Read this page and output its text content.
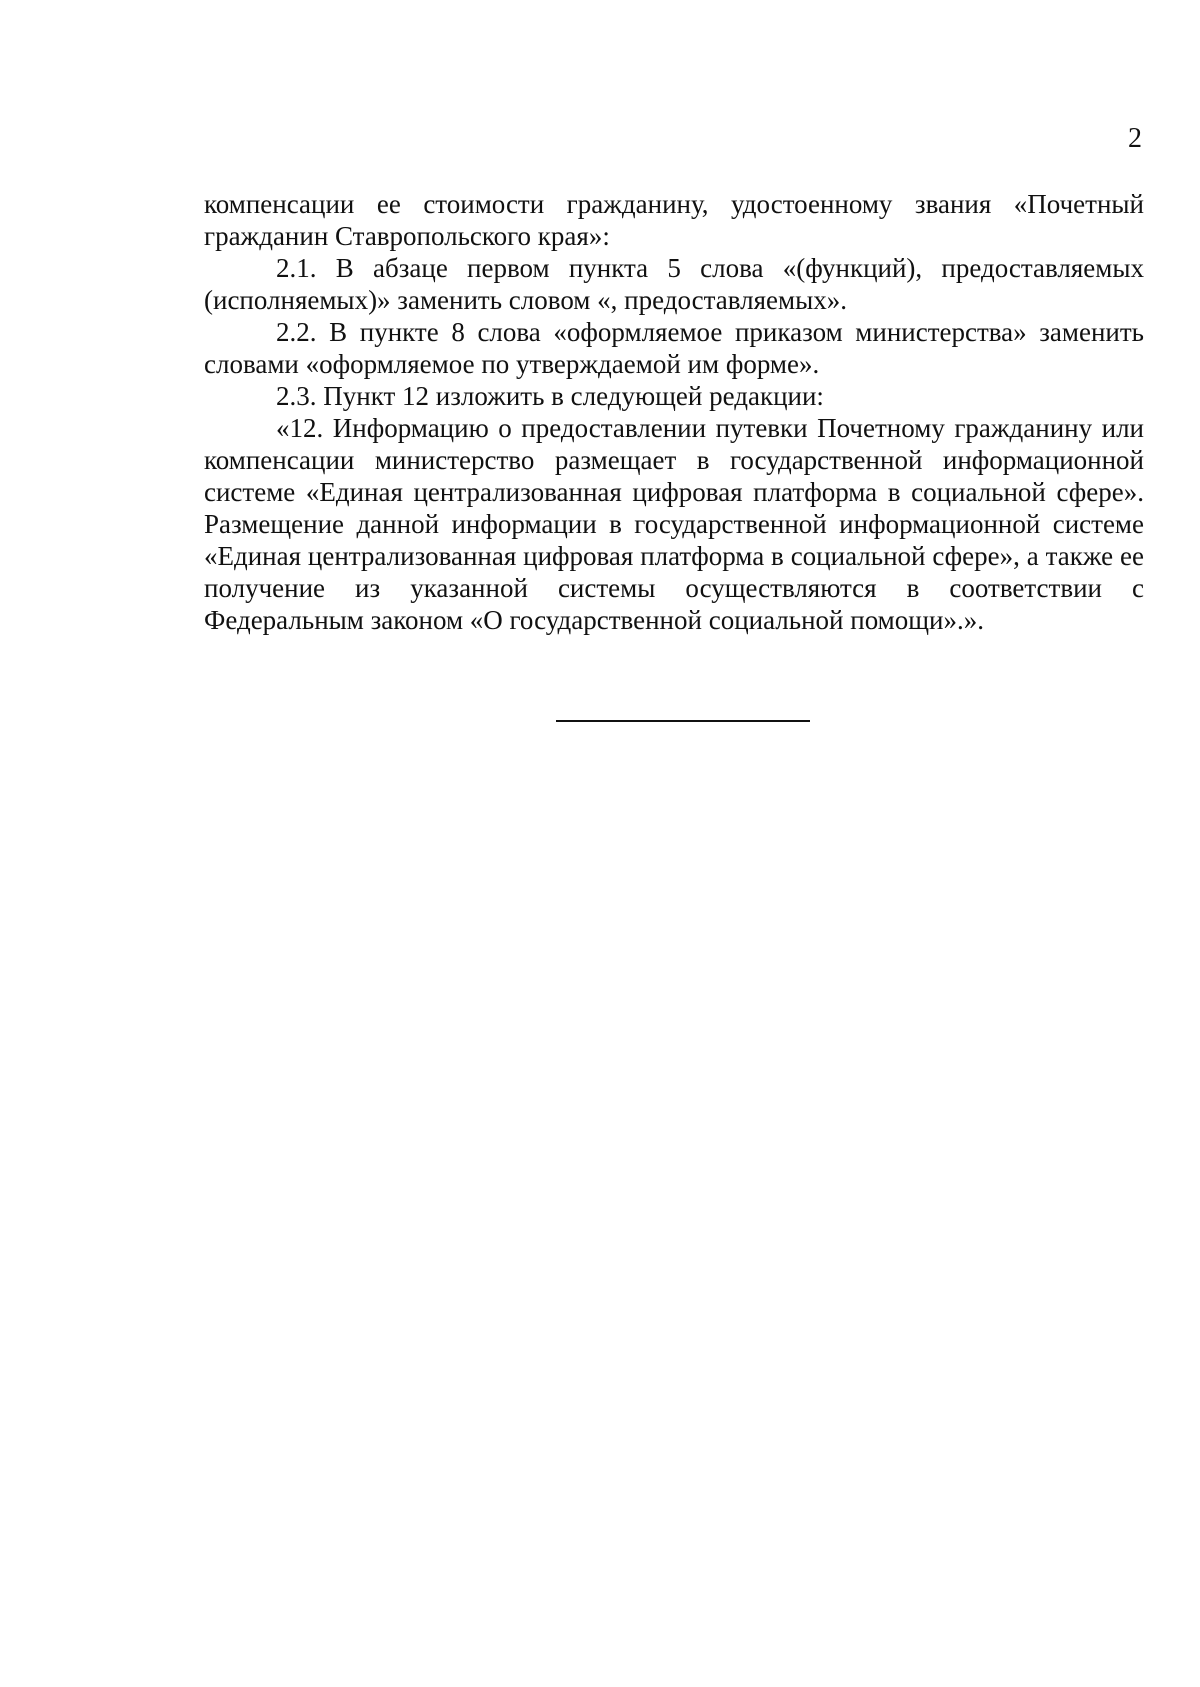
2

компенсации ее стоимости гражданину, удостоенному звания «Почетный гражданин Ставропольского края»:

2.1. В абзаце первом пункта 5 слова «(функций), предоставляемых (исполняемых)» заменить словом «, предоставляемых».

2.2. В пункте 8 слова «оформляемое приказом министерства» заменить словами «оформляемое по утверждаемой им форме».

2.3. Пункт 12 изложить в следующей редакции:

«12. Информацию о предоставлении путевки Почетному гражданину или компенсации министерство размещает в государственной информационной системе «Единая централизованная цифровая платформа в социальной сфере». Размещение данной информации в государственной информационной системе «Единая централизованная цифровая платформа в социальной сфере», а также ее получение из указанной системы осуществляются в соответствии с Федеральным законом «О государственной социальной помощи».».
